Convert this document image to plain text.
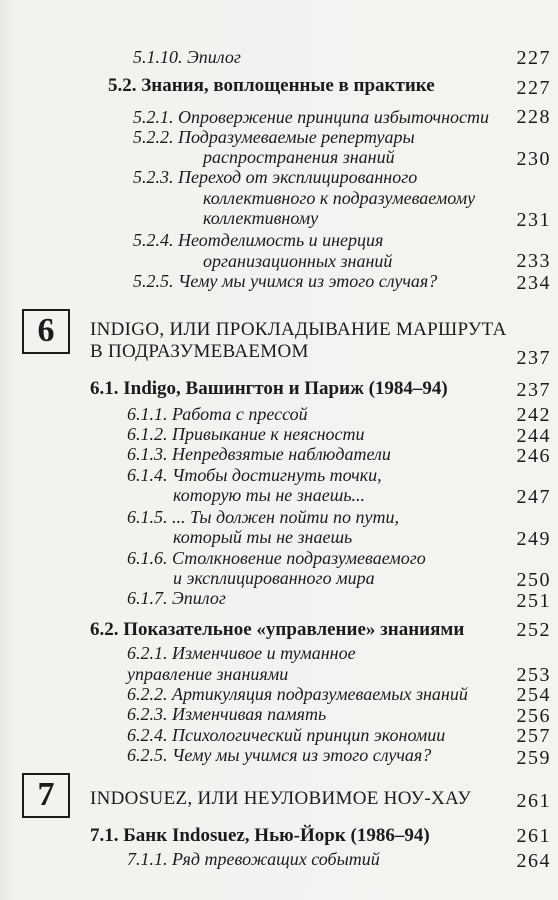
5.1.10. Эпилог	227
5.2. Знания, воплощенные в практике	227
5.2.1. Опровержение принципа избыточности 228
5.2.2. Подразумеваемые репертуары
распространения знаний	230
5.2.3. Переход от эксплицированного
коллективного к подразумеваемому
коллективному	231
5.2.4. Неотделимость и инерция
организационных знаний	233
5.2.5. Чему мы учимся из этого случая?	234
6	INDIGO, ИЛИ ПРОКЛАДЫВАНИЕ МАРШРУТА
В ПОДРАЗУМЕВАЕМОМ	237
6.1. Indigo, Вашингтон и Париж (1984–94)	237
6.1.1. Работа с прессой	242
6.1.2. Привыкание к неясности	244
6.1.3. Непредвзятые наблюдатели	246
6.1.4. Чтобы достигнуть точки,
которую ты не знаешь...	247
6.1.5. ... Ты должен пойти по пути,
который ты не знаешь	249
6.1.6. Столкновение подразумеваемого
и эксплицированного мира	250
6.1.7. Эпилог	251
6.2. Показательное «управление» знаниями	252
6.2.1. Изменчивое и туманное
управление знаниями	253
6.2.2. Артикуляция подразумеваемых знаний 254
6.2.3. Изменчивая память	256
6.2.4. Психологический принцип экономии	257
6.2.5. Чему мы учимся из этого случая?	259
7	INDOSUEZ, ИЛИ НЕУЛОВИМОЕ НОУ-ХАУ 261
7.1. Банк Indosuez, Нью-Йорк (1986–94)	261
7.1.1. Ряд тревожащих событий	264
